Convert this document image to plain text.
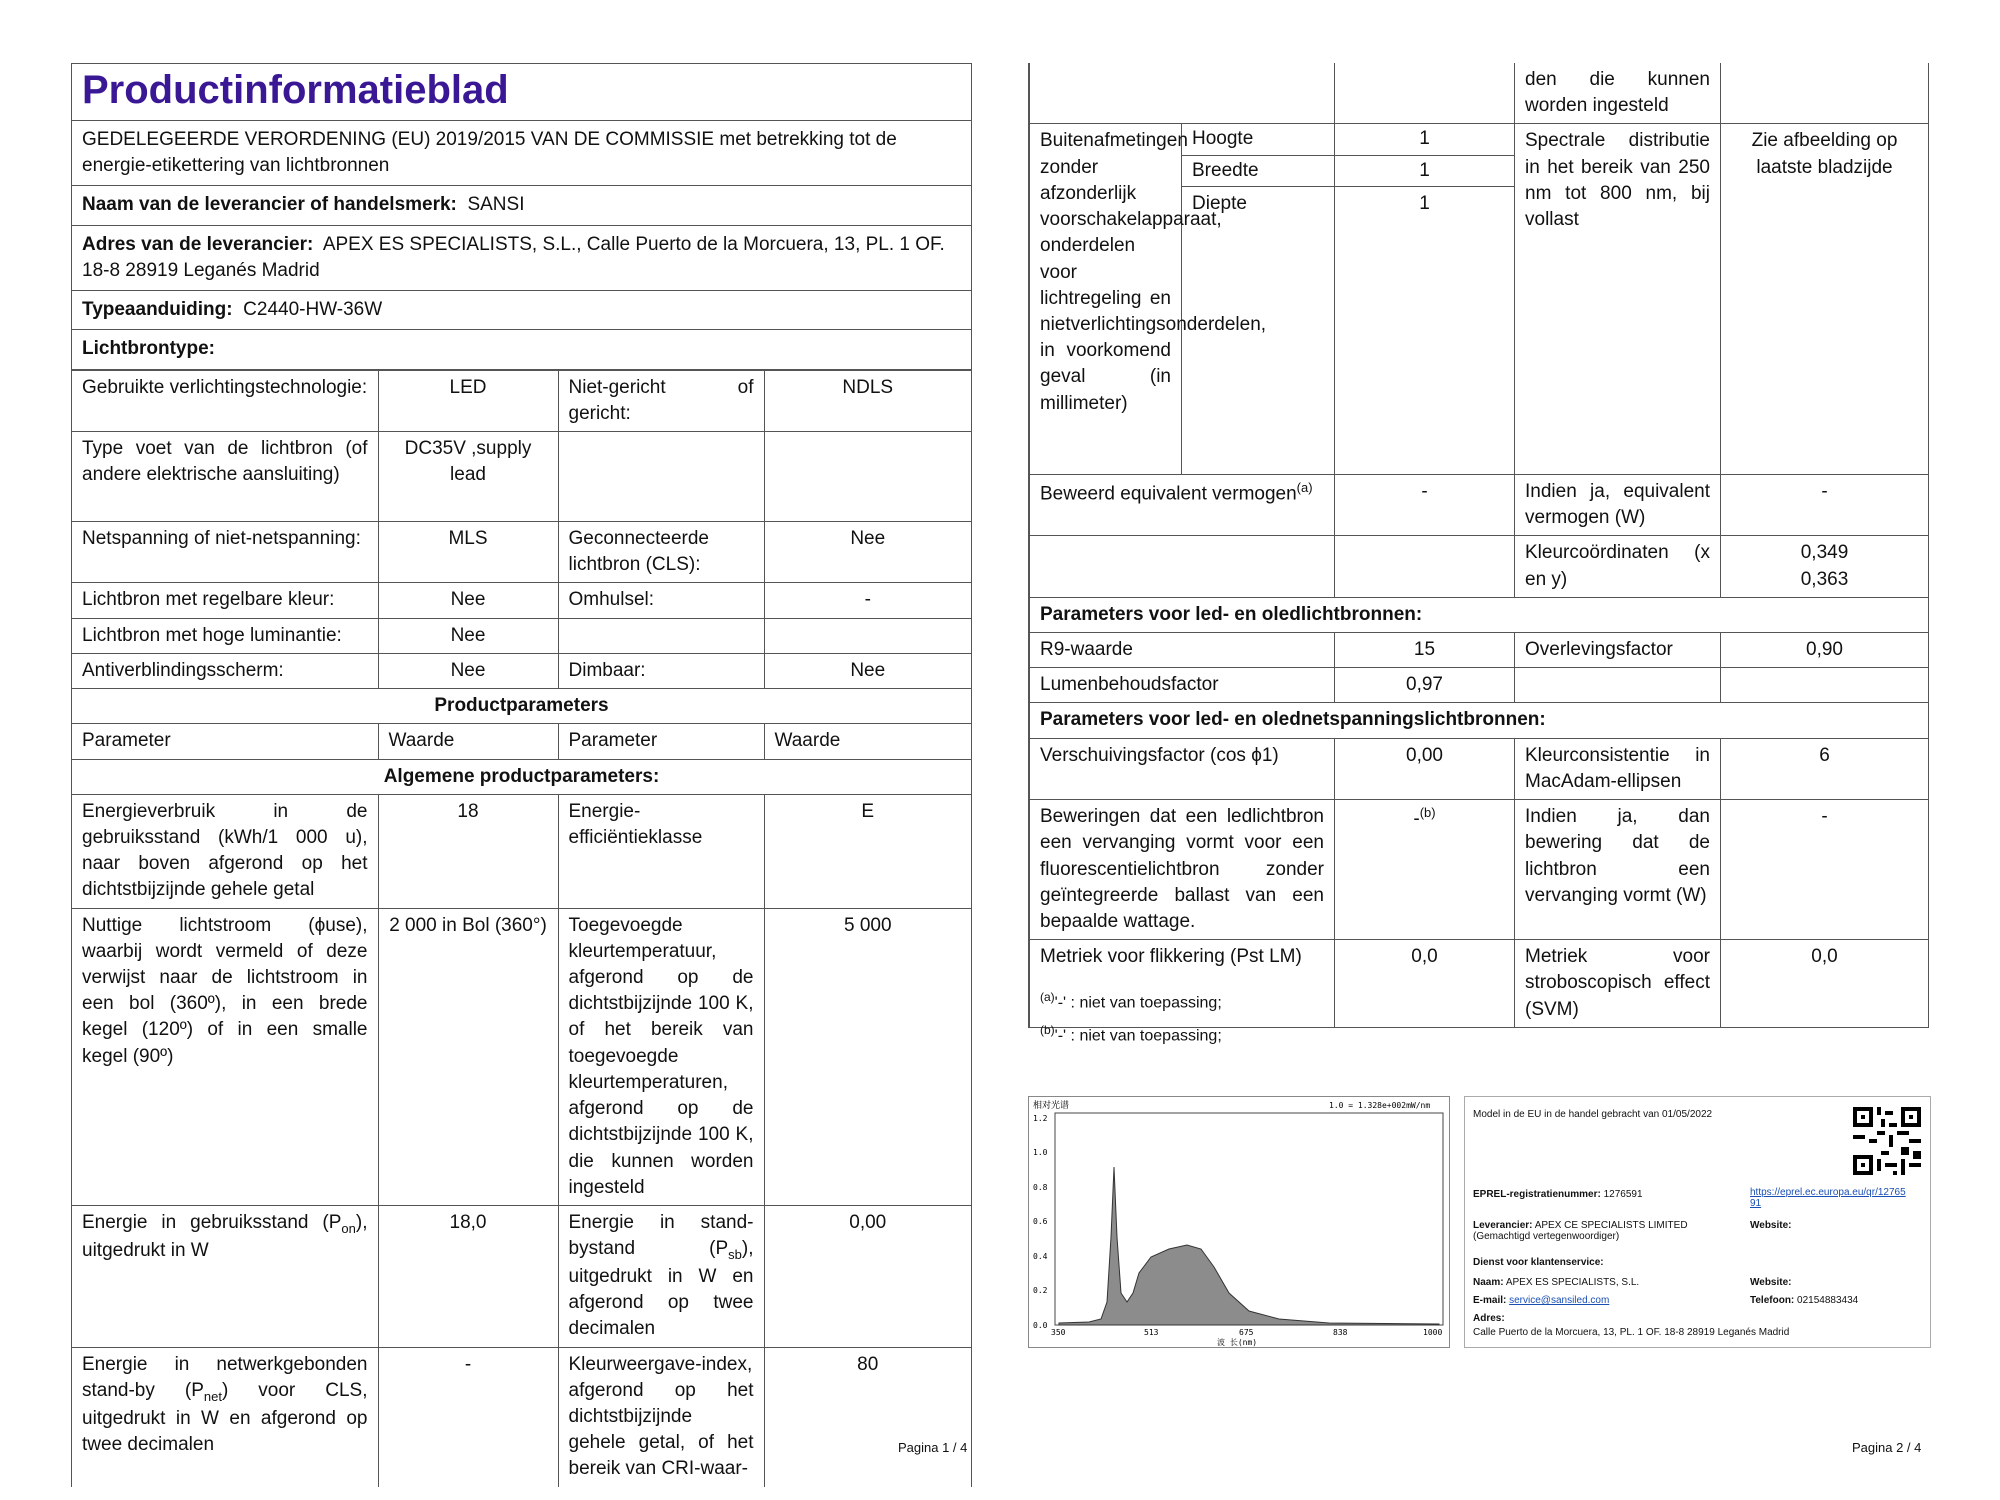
Productinformatieblad
GEDELEGEERDE VERORDENING (EU) 2019/2015 VAN DE COMMISSIE met betrekking tot de energie-etikettering van lichtbronnen
Naam van de leverancier of handelsmerk: SANSI
Adres van de leverancier: APEX ES SPECIALISTS, S.L., Calle Puerto de la Morcuera, 13, PL. 1 OF. 18-8 28919 Leganés Madrid
Typeaanduiding: C2440-HW-36W
Lichtbrontype:
Gebruikte verlichtingstechnologie:	LED	Niet-gericht of gericht:	NDLS
Type voet van de lichtbron (of andere elektrische aansluiting)	DC35V ,supply lead		
Netspanning of niet-netspanning:	MLS	Geconnecteerde lichtbron (CLS):	Nee
Lichtbron met regelbare kleur:	Nee	Omhulsel:	-
Lichtbron met hoge luminantie:	Nee		
Antiverblindingsscherm:	Nee	Dimbaar:	Nee
Productparameters			
Parameter	Waarde	Parameter	Waarde
Algemene productparameters:			
Energieverbruik in de gebruiksstand (kWh/1 000 u), naar boven afgerond op het dichtstbijzijnde gehele getal	18	Energie-efficiëntieklasse	E
Nuttige lichtstroom (ϕuse), waarbij wordt vermeld of deze verwijst naar de lichtstroom in een bol (360º), in een brede kegel (120º) of in een smalle kegel (90º)	2 000 in Bol (360°)	Toegevoegde kleurtemperatuur, afgerond op de dichtstbijzijnde 100 K, of het bereik van toegevoegde kleurtemperaturen, afgerond op de dichtstbijzijnde 100 K, die kunnen worden ingesteld	5 000
Energie in gebruiksstand $(P_{on})$, uitgedrukt in W	18,0	Energie in stand-bystand $(P_{sb})$, uitgedrukt in W en afgerond op twee decimalen	0,00
Energie in netwerkgebonden stand-by $(P_{net})$ voor CLS, uitgedrukt in W en afgerond op twee decimalen	-	Kleurweergave-index, afgerond op het dichtstbijzijnde gehele getal, of het bereik van CRI-waar-	80
Pagina 1 / 4
			den die kunnen worden ingesteld	
Buitenafmetingen zonder afzonderlijk voorschakelapparaat, onderdelen voor lichtregeling en nietverlichtingsonderdelen, in voorkomend geval (in millimeter)	Hoogte	1	Spectrale distributie in het bereik van 250 nm tot 800 nm, bij vollast	Zie afbeelding op laatste bladzijde
	Breedte	1		
	Diepte	1		
Beweerd equivalent vermogen$^{(a)}$		-	Indien ja, equivalent vermogen (W)	-
			Kleurcoördinaten (x en y)	0,349
0,363

Parameters voor led- en oledlichtbronnen:				
R9-waarde		15	Overlevingsfactor	0,90
Lumenbehoudsfactor		0,97		
Parameters voor led- en olednetspanningslichtbronnen:				
Verschuivingsfactor (cos ϕ1)		0,00	Kleurconsistentie in MacAdam-ellipsen	6
Beweringen dat een ledlichtbron een vervanging vormt voor een fluorescentielichtbron zonder geïntegreerde ballast van een bepaalde wattage.		-$^{(b)}$	Indien ja, dan bewering dat de lichtbron een vervanging vormt (W)	-
Metriek voor flikkering (Pst LM)		0,0	Metriek voor stroboscopisch effect (SVM)	0,0
$^{(a)}$'-' : niet van toepassing;
$^{(b)}$'-' : niet van toepassing;
相对光谱	1.0 = 1.328e+002mW/nm
0.0
0.2
0.4
0.6
0.8
1.0
1.2
350	513	675	838	1000
波 长(nm)
Model in de EU in de handel gebracht van 01/05/2022
EPREL-registratienummer: 1276591	https://eprel.ec.europa.eu/qr/1276591
Leverancier: APEX CE SPECIALISTS LIMITED (Gemachtigd vertegenwoordiger)
Website:
Dienst voor klantenservice:
Naam: APEX ES SPECIALISTS, S.L.	Website:
E-mail: service@sansiled.com	Telefoon: 02154883434
Adres:
Calle Puerto de la Morcuera, 13, PL. 1 OF. 18-8 28919 Leganés Madrid
Pagina 2 / 4
